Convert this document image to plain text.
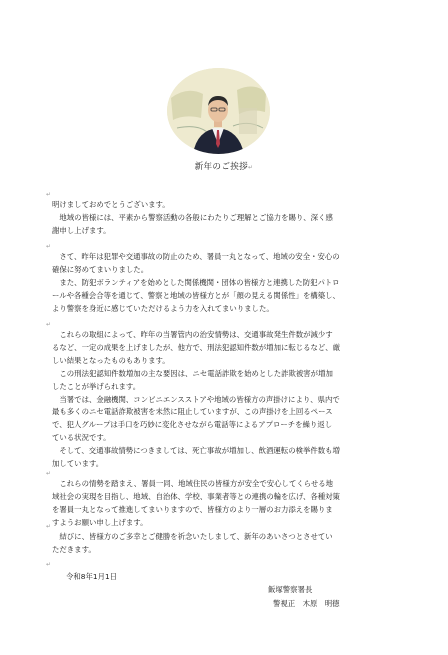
新年のご挨拶↵
↵
明けましておめでとうございます。
　地域の皆様には、平素から警察活動の各般にわたりご理解とご協力を賜り、深く感
謝申し上げます。
↵
　さて、昨年は犯罪や交通事故の防止のため、署員一丸となって、地域の安全・安心の
確保に努めてまいりました。
　また、防犯ボランティアを始めとした関係機関・団体の皆様方と連携した防犯パトロ
ールや各種会合等を通じて、警察と地域の皆様方とが「顔の見える関係性」を構築し、
より警察を身近に感じていただけるよう力を入れてまいりました。
↵
　これらの取組によって、昨年の当署管内の治安情勢は、交通事故発生件数が減少す
るなど、一定の成果を上げましたが、他方で、刑法犯認知件数が増加に転じるなど、厳
しい結果となったものもあります。
　この刑法犯認知件数増加の主な要因は、ニセ電話詐欺を始めとした詐欺被害が増加
したことが挙げられます。
　当署では、金融機関、コンビニエンスストアや地域の皆様方の声掛けにより、県内で
最も多くのニセ電話詐欺被害を未然に阻止していますが、この声掛けを上回るペース
で、犯人グループは手口を巧妙に変化させながら電話等によるアプローチを繰り返し
ている状況です。
　そして、交通事故情勢につきましては、死亡事故が増加し、飲酒運転の検挙件数も増
加しています。
↵
　これらの情勢を踏まえ、署員一同、地域住民の皆様方が安全で安心してくらせる地
域社会の実現を目指し、地域、自治体、学校、事業者等との連携の輪を広げ、各種対策
を署員一丸となって推進してまいりますので、皆様方のより一層のお力添えを賜りま
すようお願い申し上げます。
↵
　結びに、皆様方のご多幸とご健勝を祈念いたしまして、新年のあいさつとさせてい
ただきます。
↵
令和8年1月1日
飯塚警察署長
警視正　木原　明徳
